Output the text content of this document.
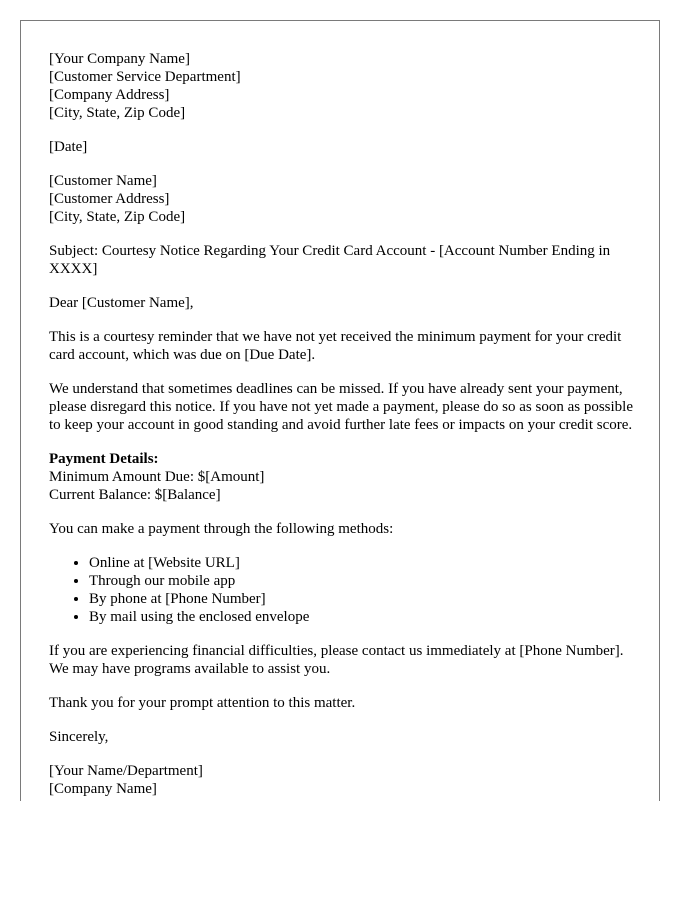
[Your Company Name]
[Customer Service Department]
[Company Address]
[City, State, Zip Code]

[Date]

[Customer Name]
[Customer Address]
[City, State, Zip Code]

Subject: Courtesy Notice Regarding Your Credit Card Account - [Account Number Ending in XXXX]

Dear [Customer Name],

This is a courtesy reminder that we have not yet received the minimum payment for your credit card account, which was due on [Due Date].

We understand that sometimes deadlines can be missed. If you have already sent your payment, please disregard this notice. If you have not yet made a payment, please do so as soon as possible to keep your account in good standing and avoid further late fees or impacts on your credit score.

Payment Details:
Minimum Amount Due: $[Amount]
Current Balance: $[Balance]

You can make a payment through the following methods:

• Online at [Website URL]
• Through our mobile app
• By phone at [Phone Number]
• By mail using the enclosed envelope

If you are experiencing financial difficulties, please contact us immediately at [Phone Number]. We may have programs available to assist you.

Thank you for your prompt attention to this matter.

Sincerely,

[Your Name/Department]
[Company Name]
